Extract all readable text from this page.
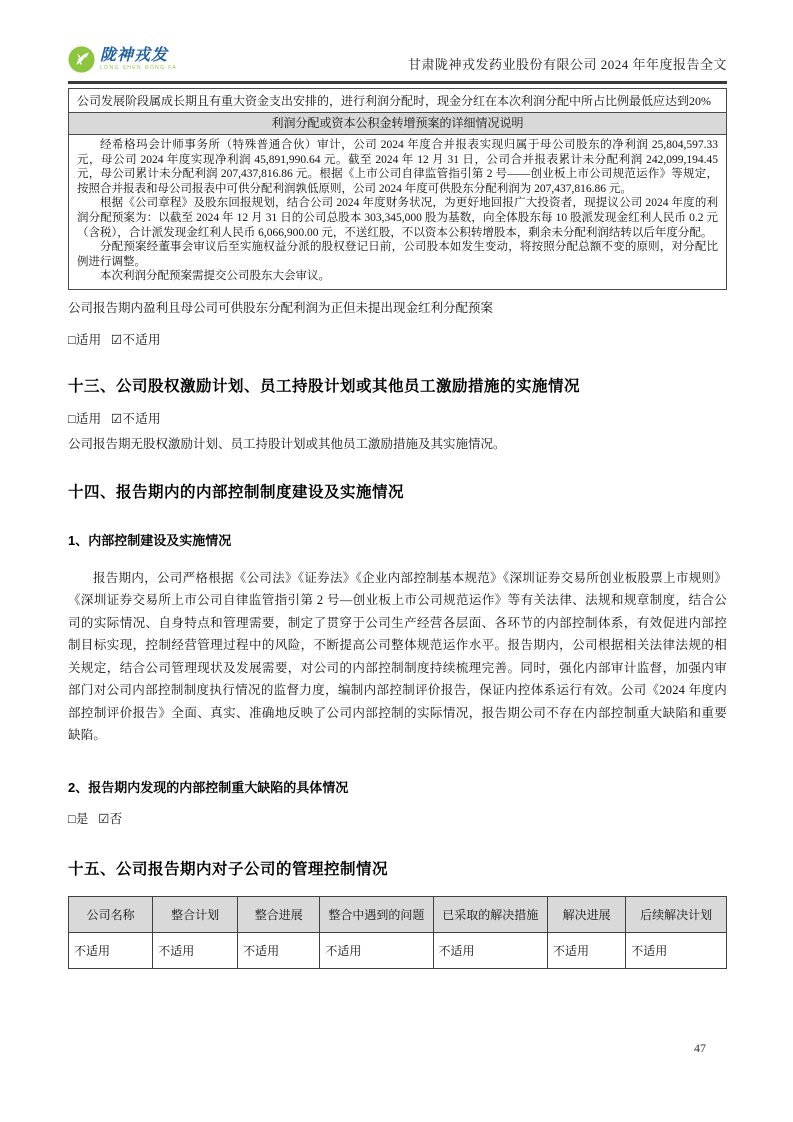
陇神戎发
LONG SHEN RONG FA	甘肃陇神戎发药业股份有限公司 2024 年年度报告全文
公司发展阶段属成长期且有重大资金支出安排的，进行利润分配时，现金分红在本次利润分配中所占比例最低应达到20%
利润分配或资本公积金转增预案的详细情况说明

经希格玛会计师事务所（特殊普通合伙）审计，公司 2024 年度合并报表实现归属于母公司股东的净利润 25,804,597.33 元，母公司 2024 年度实现净利润 45,891,990.64 元。截至 2024 年 12 月 31 日，公司合并报表累计未分配利润 242,099,194.45 元，母公司累计未分配利润 207,437,816.86 元。根据《上市公司自律监管指引第 2 号——创业板上市公司规范运作》等规定，按照合并报表和母公司报表中可供分配利润孰低原则，公司 2024 年度可供股东分配利润为 207,437,816.86 元。

根据《公司章程》及股东回报规划，结合公司 2024 年度财务状况，为更好地回报广大投资者，现提议公司 2024 年度的利润分配预案为：以截至 2024 年 12 月 31 日的公司总股本 303,345,000 股为基数，向全体股东每 10 股派发现金红利人民币 0.2 元（含税），合计派发现金红利人民币 6,066,900.00 元，不送红股，不以资本公积转增股本，剩余未分配利润结转以后年度分配。

分配预案经董事会审议后至实施权益分派的股权登记日前，公司股本如发生变动，将按照分配总额不变的原则，对分配比例进行调整。

本次利润分配预案需提交公司股东大会审议。

公司报告期内盈利且母公司可供股东分配利润为正但未提出现金红利分配预案
□适用 ☑不适用
十三、公司股权激励计划、员工持股计划或其他员工激励措施的实施情况
□适用 ☑不适用
公司报告期无股权激励计划、员工持股计划或其他员工激励措施及其实施情况。
十四、报告期内的内部控制制度建设及实施情况
1、内部控制建设及实施情况
报告期内，公司严格根据《公司法》《证券法》《企业内部控制基本规范》《深圳证券交易所创业板股票上市规则》《深圳证券交易所上市公司自律监管指引第 2 号—创业板上市公司规范运作》等有关法律、法规和规章制度，结合公司的实际情况、自身特点和管理需要，制定了贯穿于公司生产经营各层面、各环节的内部控制体系，有效促进内部控制目标实现，控制经营管理过程中的风险，不断提高公司整体规范运作水平。报告期内，公司根据相关法律法规的相关规定，结合公司管理现状及发展需要，对公司的内部控制制度持续梳理完善。同时，强化内部审计监督，加强内审部门对公司内部控制制度执行情况的监督力度，编制内部控制评价报告，保证内控体系运行有效。公司《2024 年度内部控制评价报告》全面、真实、准确地反映了公司内部控制的实际情况，报告期公司不存在内部控制重大缺陷和重要缺陷。
2、报告期内发现的内部控制重大缺陷的具体情况
□是 ☑否
十五、公司报告期内对子公司的管理控制情况
公司名称	整合计划	整合进展	整合中遇到的问题	已采取的解决措施	解决进展	后续解决计划
不适用	不适用	不适用	不适用	不适用	不适用	不适用
47
